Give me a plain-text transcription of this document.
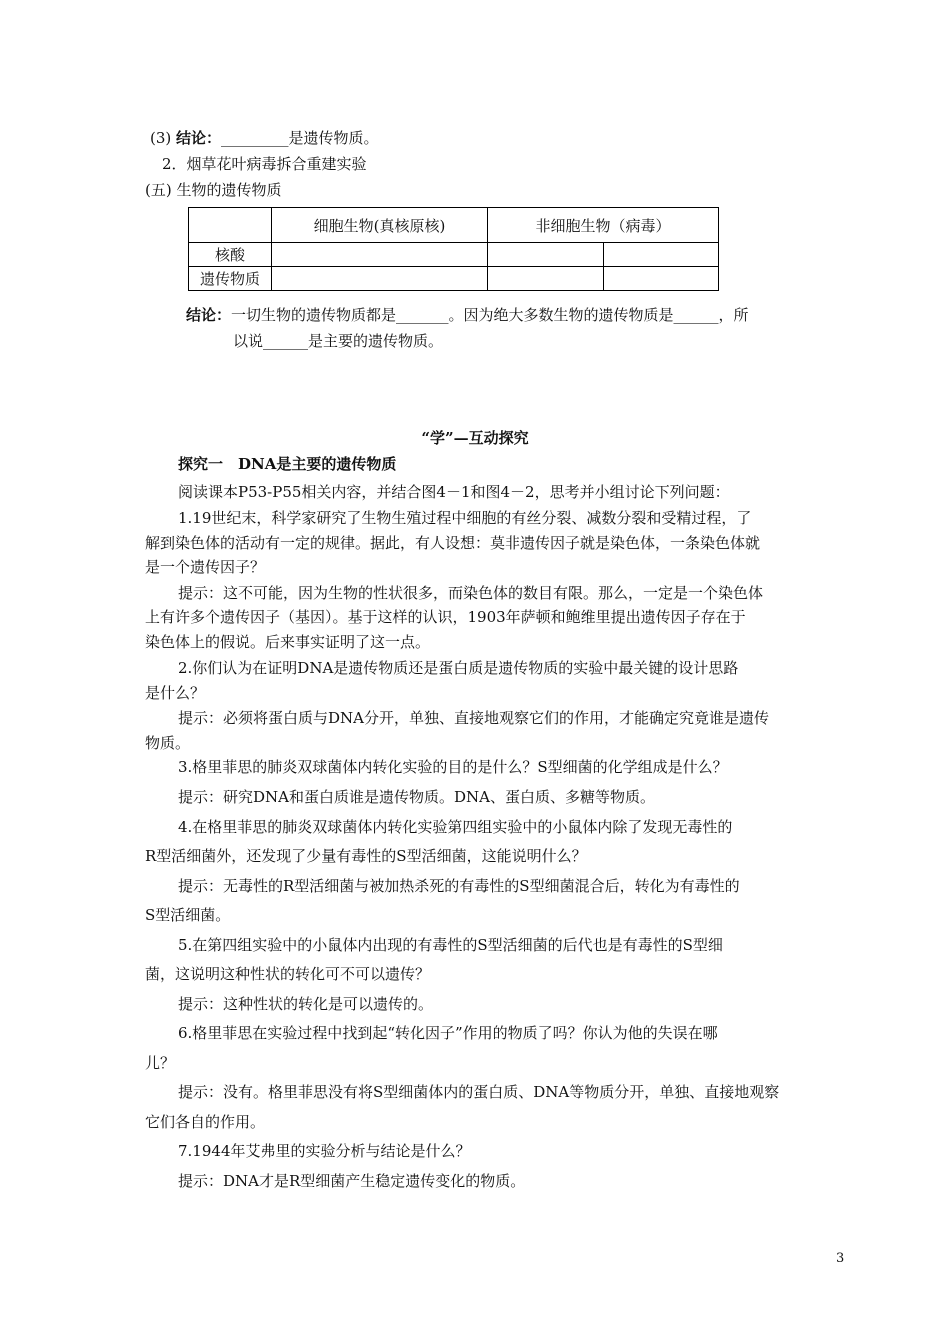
(3) 结论：_________是遗传物质。
2．烟草花叶病毒拆合重建实验
(五) 生物的遗传物质
	细胞生物(真核原核)	非细胞生物（病毒）	
核酸			
遗传物质			
结论：一切生物的遗传物质都是_______。因为绝大多数生物的遗传物质是______，所
以说______是主要的遗传物质。
“学”—互动探究
探究一　DNA是主要的遗传物质
阅读课本P53-P55相关内容，并结合图4－1和图4－2，思考并小组讨论下列问题：
1.19世纪末，科学家研究了生物生殖过程中细胞的有丝分裂、减数分裂和受精过程，了
解到染色体的活动有一定的规律。据此，有人设想：莫非遗传因子就是染色体，一条染色体就
是一个遗传因子？
提示：这不可能，因为生物的性状很多，而染色体的数目有限。那么，一定是一个染色体
上有许多个遗传因子（基因）。基于这样的认识，1903年萨顿和鲍维里提出遗传因子存在于
染色体上的假说。后来事实证明了这一点。
2.你们认为在证明DNA是遗传物质还是蛋白质是遗传物质的实验中最关键的设计思路
是什么？
提示：必须将蛋白质与DNA分开，单独、直接地观察它们的作用，才能确定究竟谁是遗传
物质。
3.格里菲思的肺炎双球菌体内转化实验的目的是什么？S型细菌的化学组成是什么？
提示：研究DNA和蛋白质谁是遗传物质。DNA、蛋白质、多糖等物质。
4.在格里菲思的肺炎双球菌体内转化实验第四组实验中的小鼠体内除了发现无毒性的
R型活细菌外，还发现了少量有毒性的S型活细菌，这能说明什么？
提示：无毒性的R型活细菌与被加热杀死的有毒性的S型细菌混合后，转化为有毒性的
S型活细菌。
5.在第四组实验中的小鼠体内出现的有毒性的S型活细菌的后代也是有毒性的S型细
菌，这说明这种性状的转化可不可以遗传？
提示：这种性状的转化是可以遗传的。
6.格里菲思在实验过程中找到起“转化因子”作用的物质了吗？你认为他的失误在哪
儿？
提示：没有。格里菲思没有将S型细菌体内的蛋白质、DNA等物质分开，单独、直接地观察
它们各自的作用。
7.1944年艾弗里的实验分析与结论是什么？
提示：DNA才是R型细菌产生稳定遗传变化的物质。
3
